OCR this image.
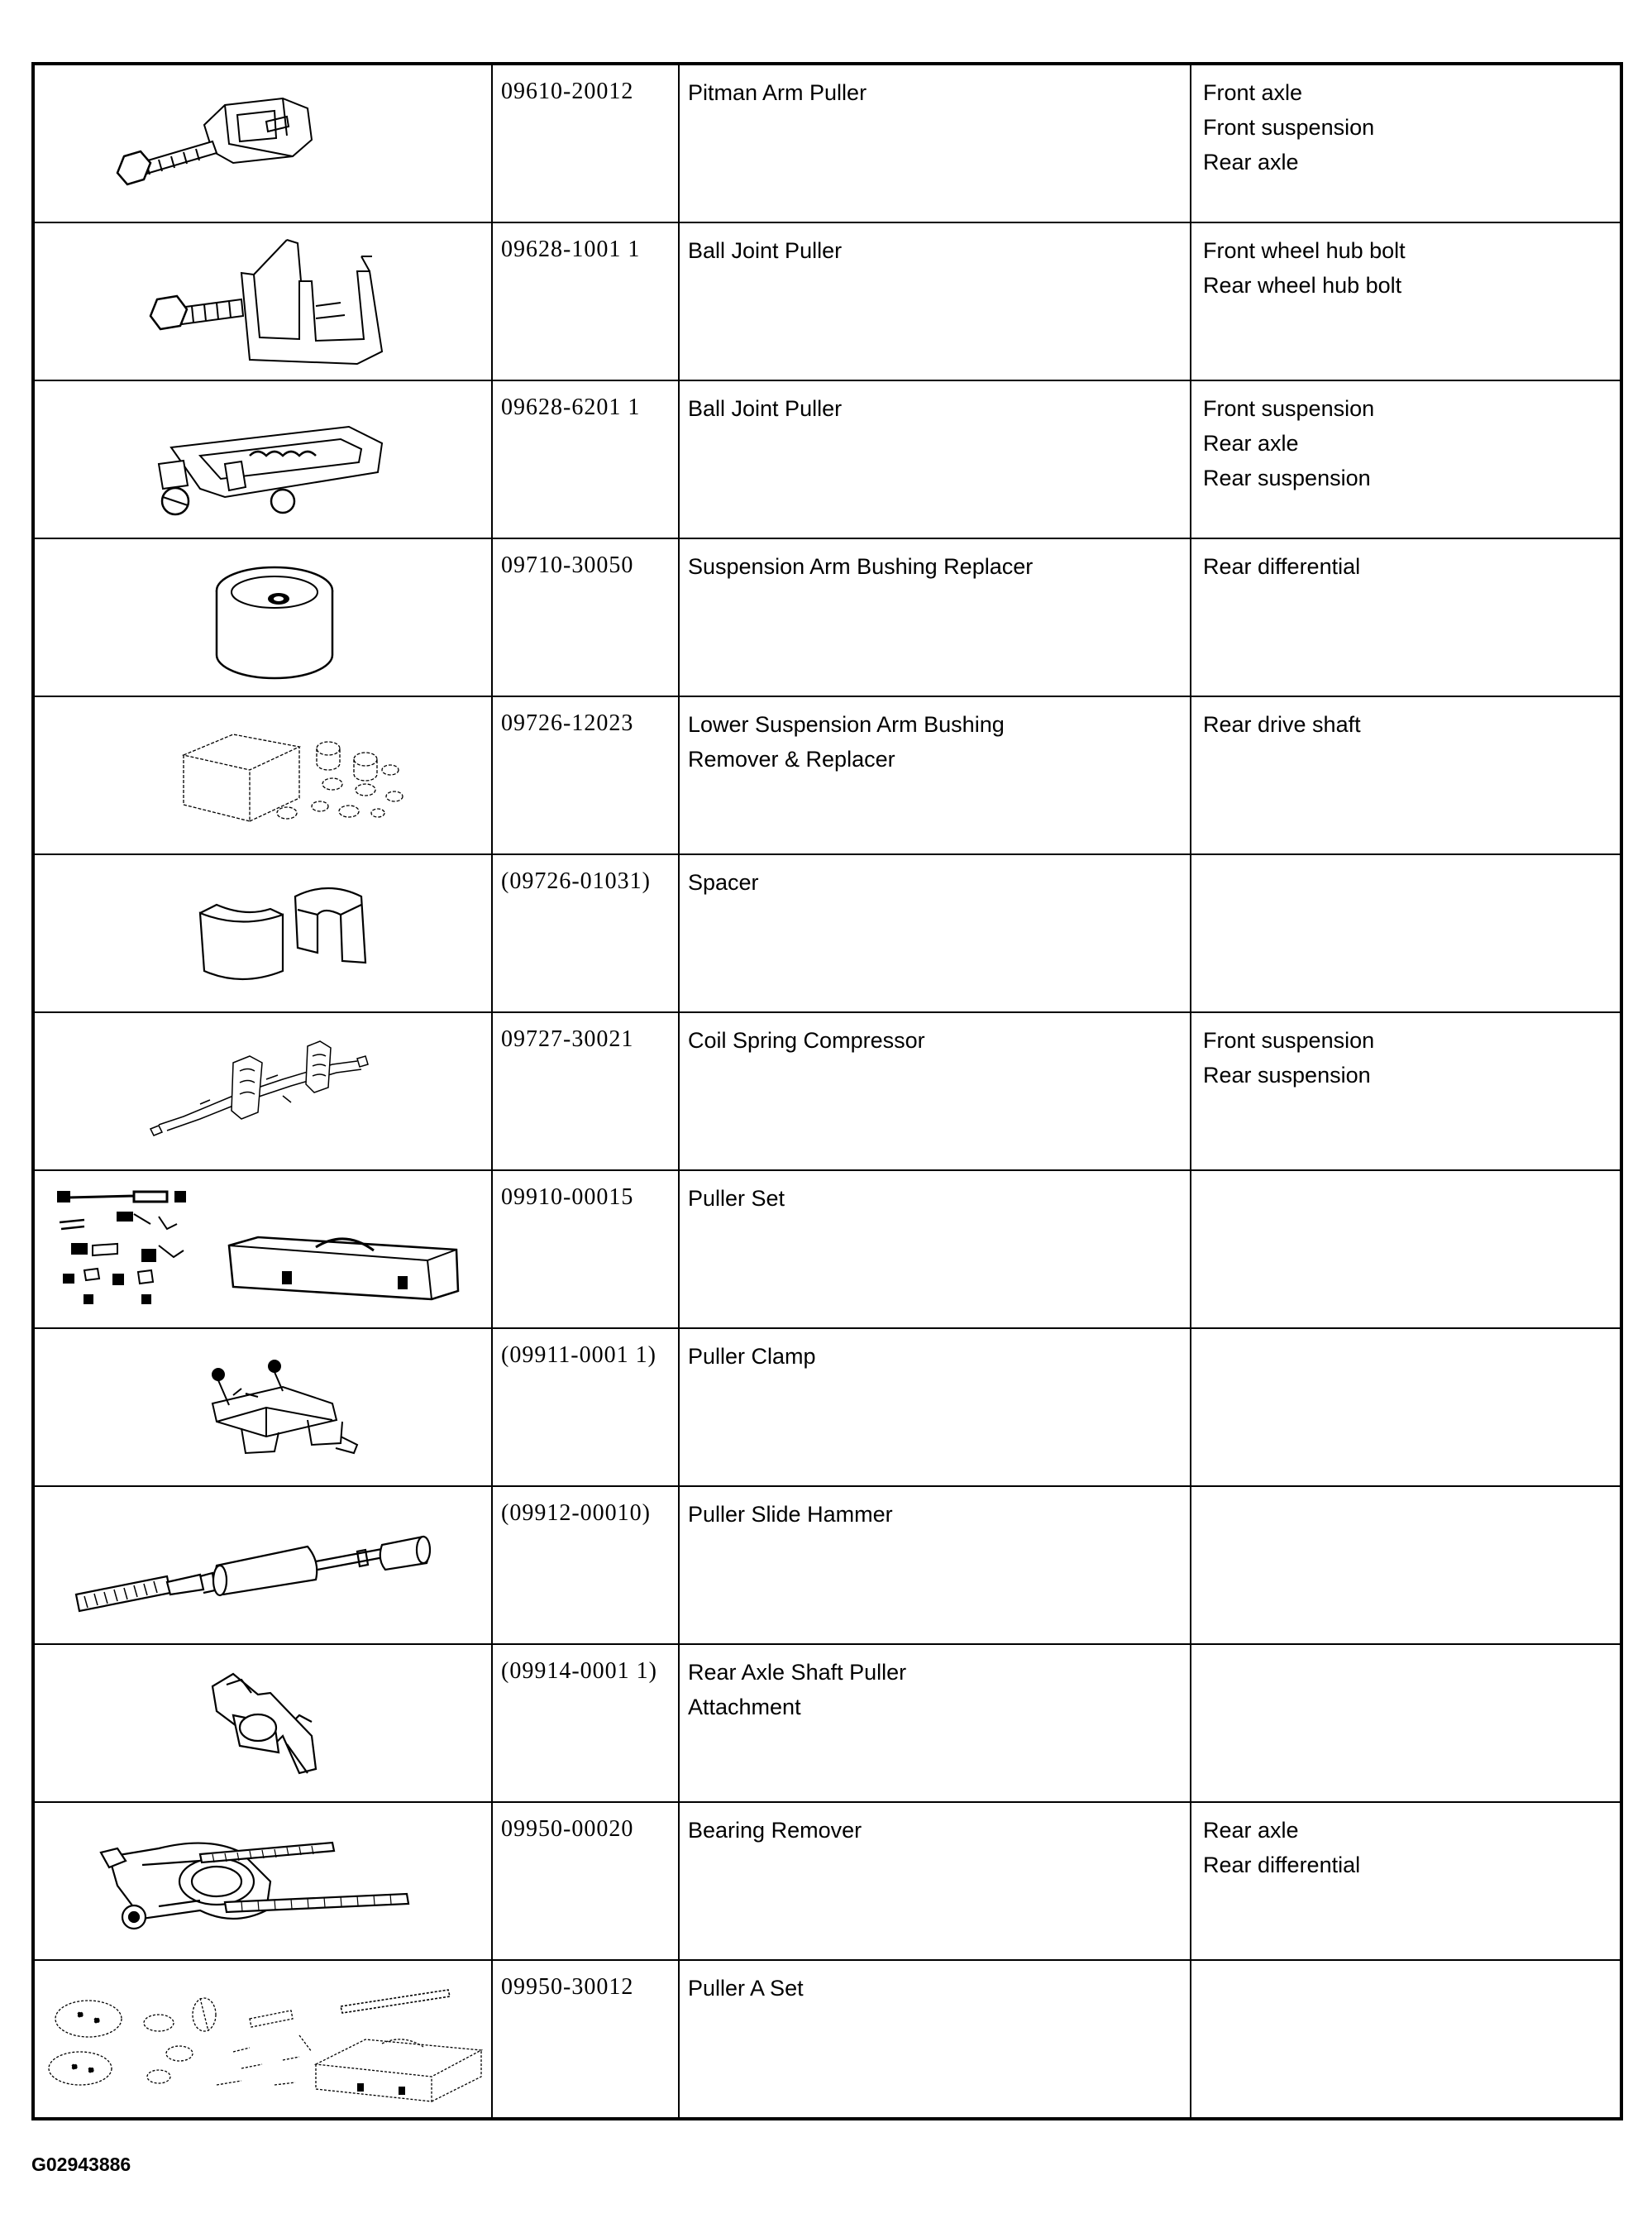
09610-20012	Pitman Arm Puller	Front axle
Front suspension
Rear axle

09628-1001 1	Ball Joint Puller	Front wheel hub bolt
Rear wheel hub bolt

09628-6201 1	Ball Joint Puller	Front suspension
Rear axle
Rear suspension

09710-30050	Suspension Arm Bushing Replacer	Rear differential

09726-12023	Lower Suspension Arm Bushing
Remover & Replacer	Rear drive shaft

(09726-01031)	Spacer	

09727-30021	Coil Spring Compressor	Front suspension
Rear suspension

09910-00015	Puller Set	

(09911-0001 1)	Puller Clamp	

(09912-00010)	Puller Slide Hammer	

(09914-0001 1)	Rear Axle Shaft Puller
Attachment	

09950-00020	Bearing Remover	Rear axle
Rear differential

09950-30012	Puller A Set	

G02943886
